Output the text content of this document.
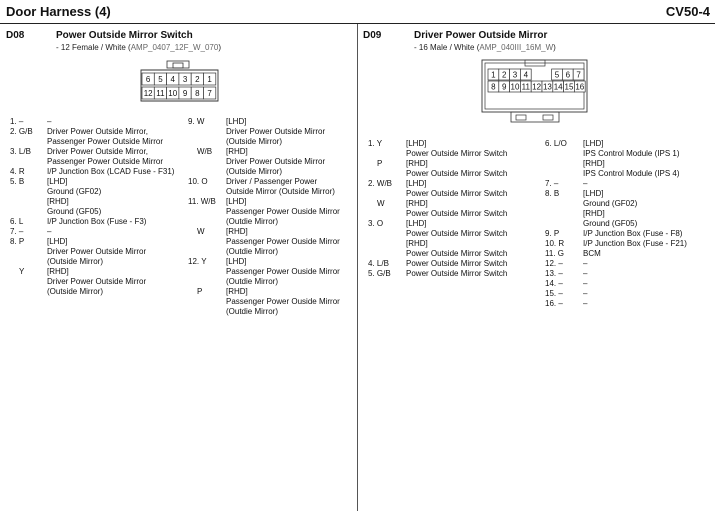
Door Harness (4)	CV50-4
D08	Power Outside Mirror Switch
- 12 Female / White (AMP_0407_12F_W_070)
6 5 4 3 2 1
12 11 10 9 8 7
1. –	–
2. G/B Driver Power Outside Mirror,
Passenger Power Outside Mirror
3. L/B Driver Power Outside Mirror,
Passenger Power Outside Mirror
4. R	I/P Junction Box (LCAD Fuse - F31)
5. B	[LHD]
Ground (GF02)
[RHD]
Ground (GF05)
6. L	I/P Junction Box (Fuse - F3)
7. –	–
8. P	[LHD]
Driver Power Outside Mirror
(Outside Mirror)
Y	[RHD]
Driver Power Outside Mirror
(Outside Mirror)
9. W	[LHD]
Driver Power Outside Mirror
(Outside Mirror)
W/B [RHD]
Driver Power Outside Mirror
(Outside Mirror)
10. O Driver / Passenger Power
Outside Mirror (Outside Mirror)
11. W/B [LHD]
Passenger Power Ouside Mirror
(Outdie Mirror)
W	[RHD]
Passenger Power Ouside Mirror
(Outdie Mirror)
12. Y [LHD]
Passenger Power Ouside Mirror
(Outdie Mirror)
P	[RHD]
Passenger Power Ouside Mirror
(Outdie Mirror)
D09	Driver Power Outside Mirror
- 16 Male / White (AMP_040III_16M_W)
1 2 3 4	5 6 7
8 9 10 11 12 13 14 15 16
1. Y	[LHD]
Power Outside Mirror Switch
P	[RHD]
Power Outside Mirror Switch
2. W/B [LHD]
Power Outside Mirror Switch
W	[RHD]
Power Outside Mirror Switch
3. O	[LHD]
Power Outside Mirror Switch
[RHD]
Power Outside Mirror Switch
4. L/B Power Outside Mirror Switch
5. G/B Power Outside Mirror Switch
6. L/O [LHD]
IPS Control Module (IPS 1)
[RHD]
IPS Control Module (IPS 4)
7. –	–
8. B	[LHD]
Ground (GF02)
[RHD]
Ground (GF05)
9. P	I/P Junction Box (Fuse - F8)
10. R I/P Junction Box (Fuse - F21)
11. G BCM
12. –	–
13. –	–
14. –	–
15. –	–
16. –	–
